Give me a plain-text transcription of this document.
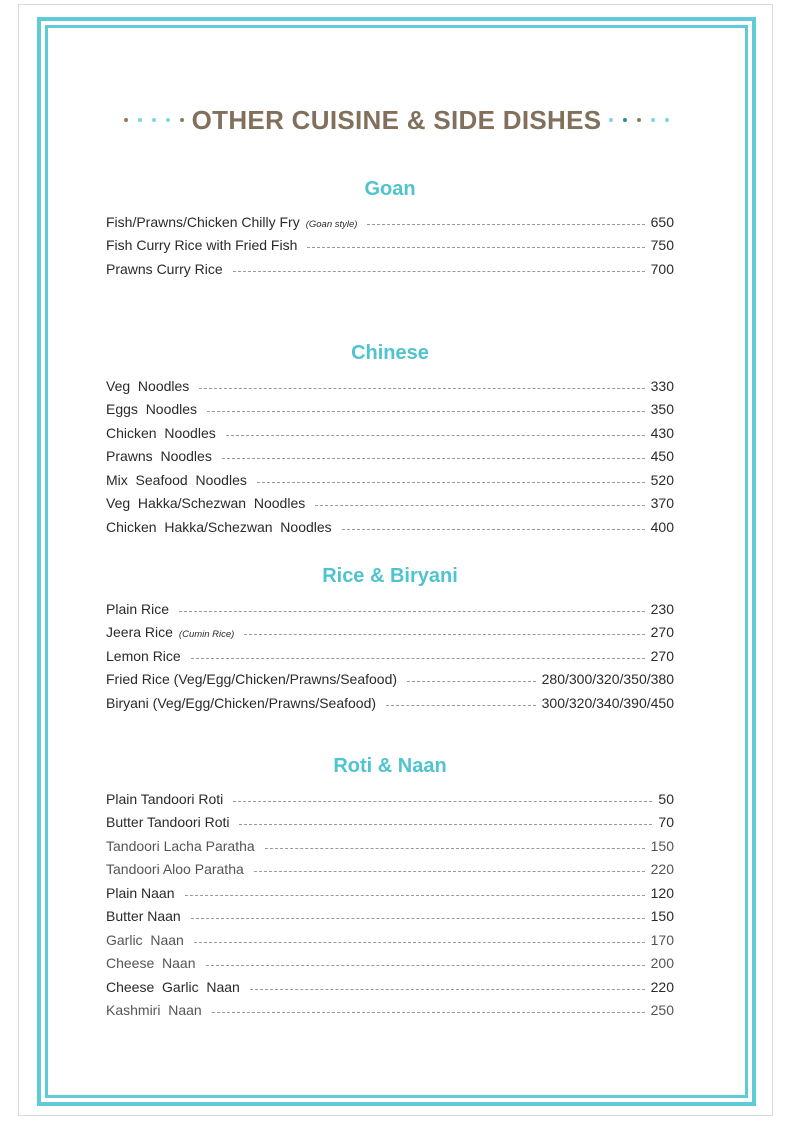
OTHER CUISINE & SIDE DISHES
Goan
Fish/Prawns/Chicken Chilly Fry (Goan style)	650
Fish Curry Rice with Fried Fish	750
Prawns Curry Rice	700
Chinese
Veg  Noodles	330
Eggs  Noodles	350
Chicken  Noodles	430
Prawns  Noodles	450
Mix  Seafood  Noodles	520
Veg  Hakka/Schezwan  Noodles	370
Chicken  Hakka/Schezwan  Noodles	400
Rice & Biryani
Plain Rice	230
Jeera Rice (Cumin Rice)	270
Lemon Rice	270
Fried Rice (Veg/Egg/Chicken/Prawns/Seafood)	280/300/320/350/380
Biryani (Veg/Egg/Chicken/Prawns/Seafood)	300/320/340/390/450
Roti & Naan
Plain Tandoori Roti	50
Butter Tandoori Roti	70
Tandoori Lacha Paratha	150
Tandoori Aloo Paratha	220
Plain Naan	120
Butter Naan	150
Garlic  Naan	170
Cheese  Naan	200
Cheese  Garlic  Naan	220
Kashmiri  Naan	250
